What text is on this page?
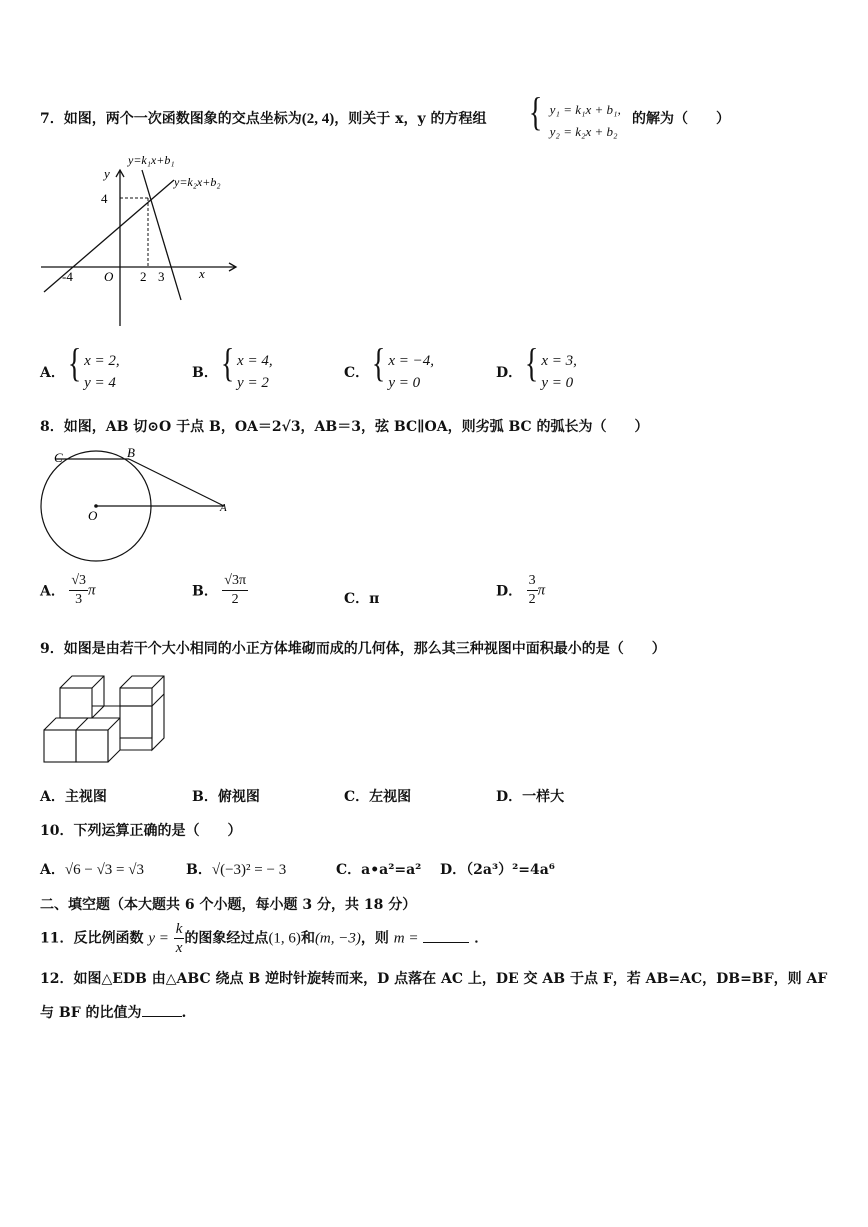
7．如图，两个一次函数图象的交点坐标为(2, 4)，则关于 x，y 的方程组 { y₁ = k₁x + b₁,
y₂ = k₂x + b₂
的解为（　　）
y=k₁x+b₁
y=k₂x+b₂
y
x
O
4
-4	2 3
A．{ x = 2,
y = 4
B．{ x = 4,
y = 2
C．{ x = −4,
y = 0
D．{ x = 3,
y = 0
8．如图，AB 切⊙O 于点 B，OA＝2√3，AB＝3，弦 BC∥OA，则劣弧 BC 的弧长为（　　）
C	B
O	A
A． $\frac{√3}{3}$ π	B． $\frac{√3\pi}{2}$	C．π	D． $\frac{3}{2}$ π
9．如图是由若干个大小相同的小正方体堆砌而成的几何体，那么其三种视图中面积最小的是（　　）
A．主视图	B．俯视图	C．左视图	D．一样大
10．下列运算正确的是（　　）
A．√6 − √3 = √3	B．√(−3)² = − 3	C．a•a²=a² D．（2a³）²=4a⁶
二、填空题（本大题共 6 个小题，每小题 3 分，共 18 分）
11．反比例函数 $y = \frac{k}{x}$ 的图象经过点(1, 6)和(m, −3)，则 m =	．
12．如图△EDB 由△ABC 绕点 B 逆时针旋转而来，D 点落在 AC 上，DE 交 AB 于点 F，若 AB=AC，DB=BF，则 AF
与 BF 的比值为	.
